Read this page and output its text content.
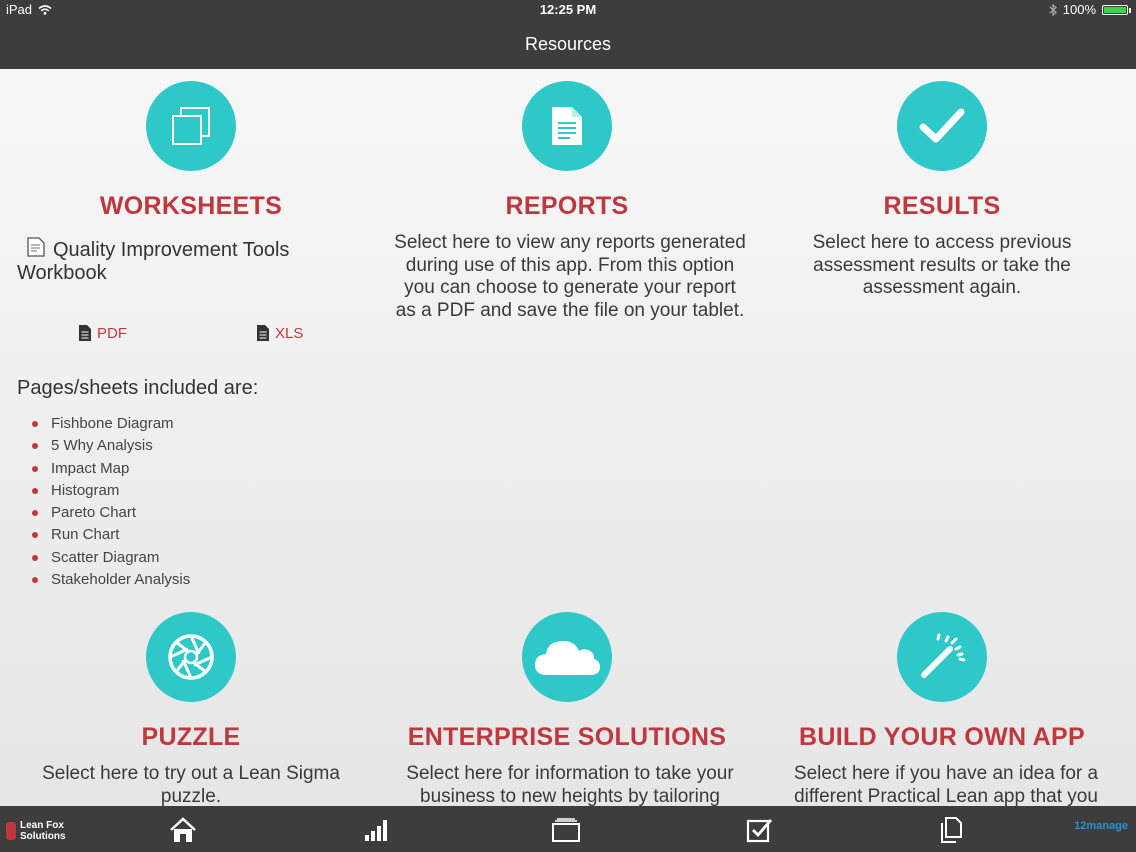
iPad	12:25 PM	100%
Resources
WORKSHEETS
Quality Improvement Tools Workbook
PDF	XLS
Pages/sheets included are:
Fishbone Diagram
5 Why Analysis
Impact Map
Histogram
Pareto Chart
Run Chart
Scatter Diagram
Stakeholder Analysis
REPORTS
Select here to view any reports generated during use of this app. From this option you can choose to generate your report as a PDF and save the file on your tablet.
RESULTS
Select here to access previous assessment results or take the assessment again.
PUZZLE
Select here to try out a Lean Sigma puzzle.
ENTERPRISE SOLUTIONS
Select here for information to take your business to new heights by tailoring
BUILD YOUR OWN APP
Select here if you have an idea for a different Practical Lean app that you
Lean Fox
Solutions
12manage
